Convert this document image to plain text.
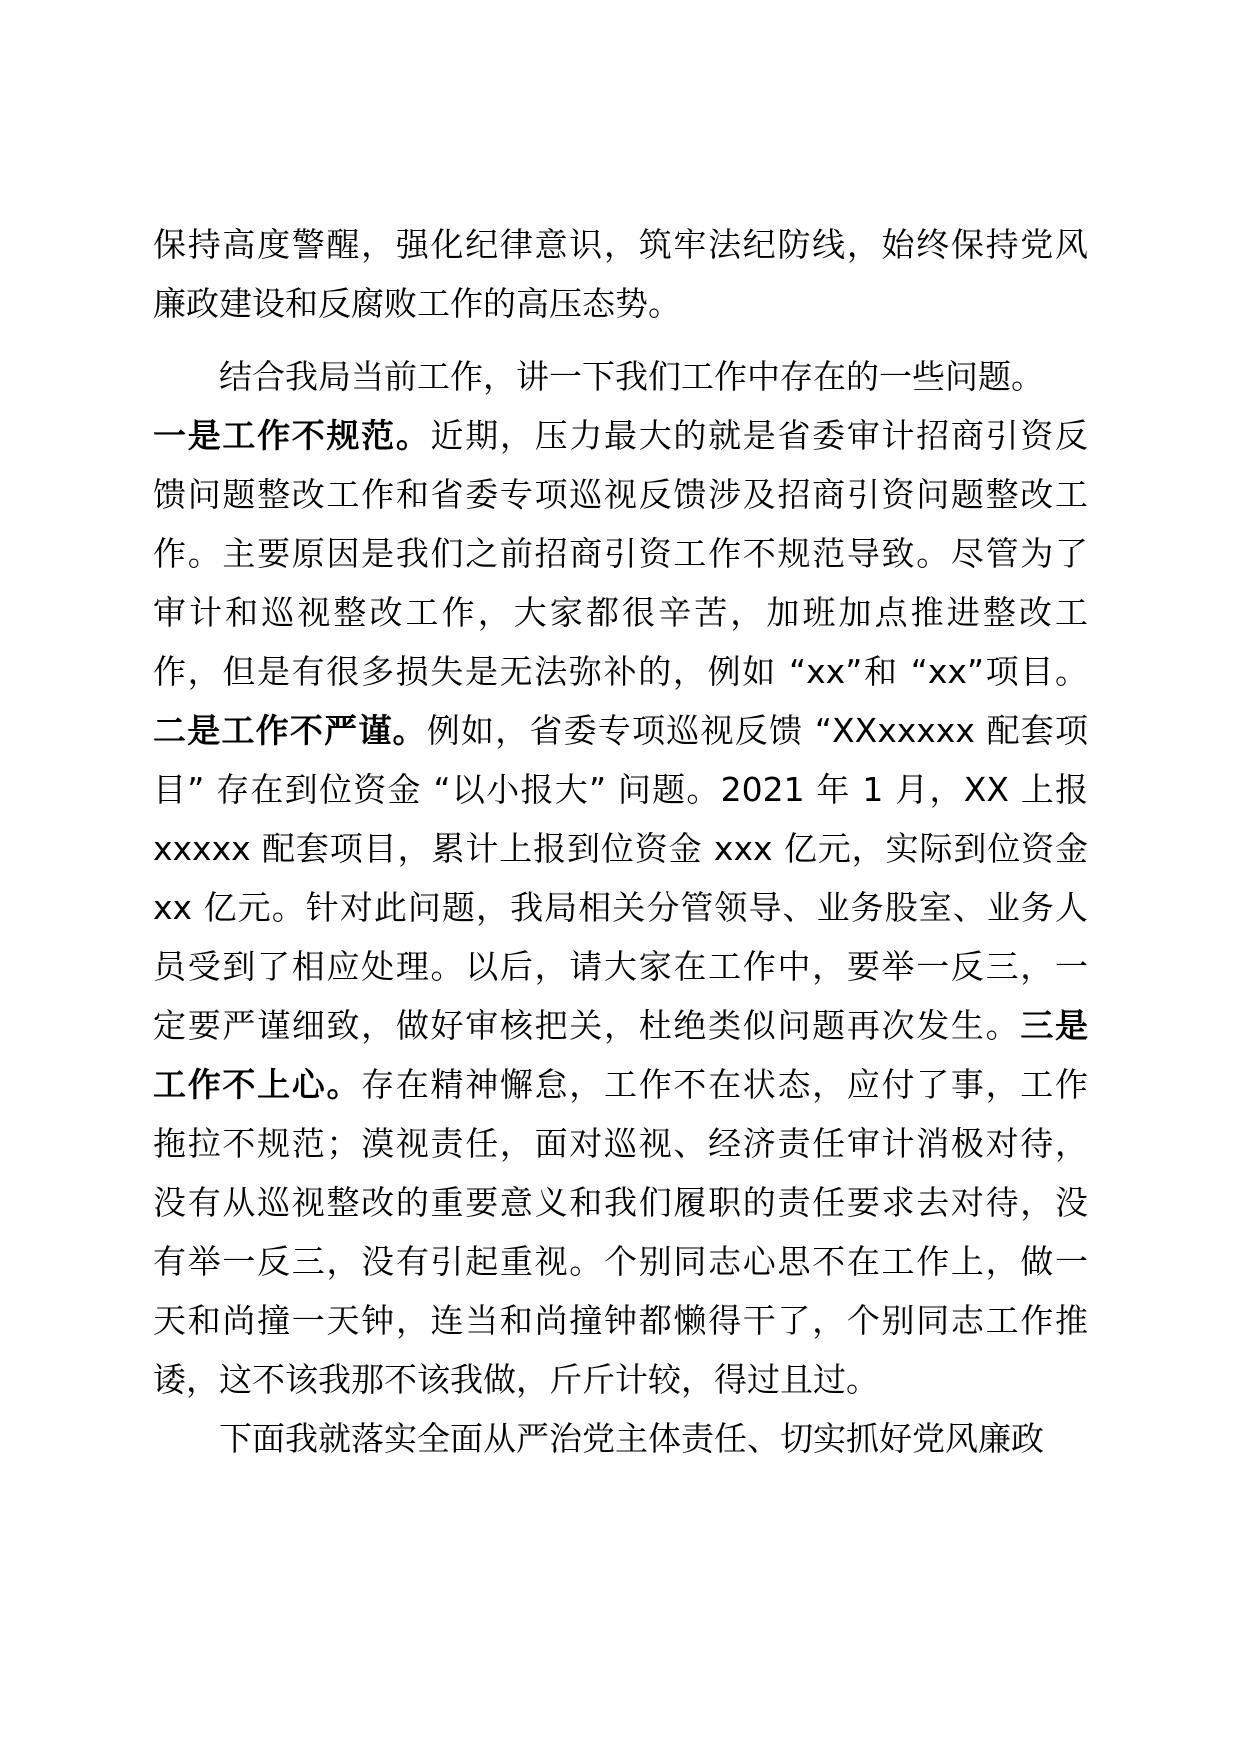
保持高度警醒，强化纪律意识，筑牢法纪防线，始终保持党风
廉政建设和反腐败工作的高压态势。
结合我局当前工作，讲一下我们工作中存在的一些问题。
一是工作不规范。近期，压力最大的就是省委审计招商引资反
馈问题整改工作和省委专项巡视反馈涉及招商引资问题整改工
作。主要原因是我们之前招商引资工作不规范导致。尽管为了
审计和巡视整改工作，大家都很辛苦，加班加点推进整改工
作，但是有很多损失是无法弥补的，例如 “xx”和 “xx”项目。
二是工作不严谨。例如，省委专项巡视反馈 “XXxxxxx 配套项
目” 存在到位资金 “以小报大” 问题。2021 年 1 月，XX 上报
xxxxx 配套项目，累计上报到位资金 xxx 亿元，实际到位资金
xx 亿元。针对此问题，我局相关分管领导、业务股室、业务人
员受到了相应处理。以后，请大家在工作中，要举一反三，一
定要严谨细致，做好审核把关，杜绝类似问题再次发生。三是
工作不上心。存在精神懈怠，工作不在状态，应付了事，工作
拖拉不规范；漠视责任，面对巡视、经济责任审计消极对待，
没有从巡视整改的重要意义和我们履职的责任要求去对待，没
有举一反三，没有引起重视。个别同志心思不在工作上，做一
天和尚撞一天钟，连当和尚撞钟都懒得干了，个别同志工作推
诿，这不该我那不该我做，斤斤计较，得过且过。
下面我就落实全面从严治党主体责任、切实抓好党风廉政
